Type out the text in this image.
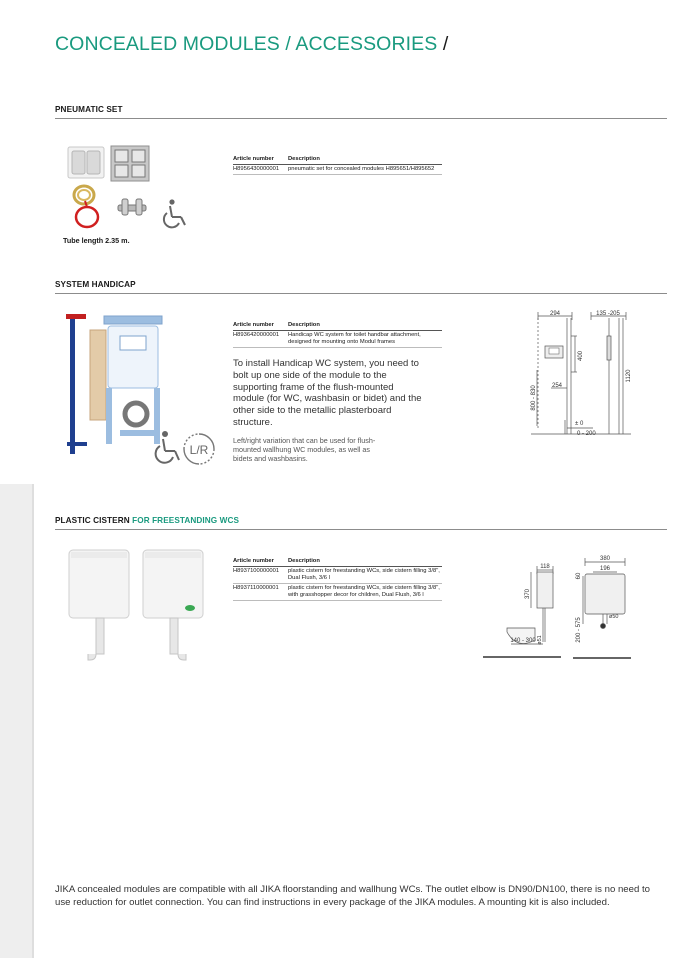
CONCEALED MODULES / ACCESSORIES /
PNEUMATIC SET
Tube length 2.35 m.
Article number	Description
H8956430000001	pneumatic set for concealed modules H895651/H895652
SYSTEM HANDICAP
L/R
Article number	Description
H8936420000001	Handicap WC system for toilet handbar attachment, designed for mounting onto Modul frames
To install Handicap WC system, you need to bolt up one side of the module to the supporting frame of the flush-mounted module (for WC, washbasin or bidet) and the other side to the metallic plasterboard structure.
Left/right variation that can be used for flush-mounted wallhung WC modules, as well as bidets and washbasins.
294	135 -205
400
1120
254
800 - 830
± 0
0 - 200
PLASTIC CISTERN FOR FREESTANDING WCS
Article number	Description
H8937100000001	plastic cistern for freestanding WCs, side cistern filling 3/8", Dual Flush, 3/6 l
H8937110000001	plastic cistern for freestanding WCs, side cistern filling 3/8", with grasshopper decor for children, Dual Flush, 3/6 l
118
370
ø51
140 - 300
380
196
60
200 - 575
ø50
JIKA concealed modules are compatible with all JIKA floorstanding and wallhung WCs. The outlet elbow is DN90/DN100, there is no need to use reduction for outlet connection. You can find instructions in every package of the JIKA modules. A mounting kit is also included.
